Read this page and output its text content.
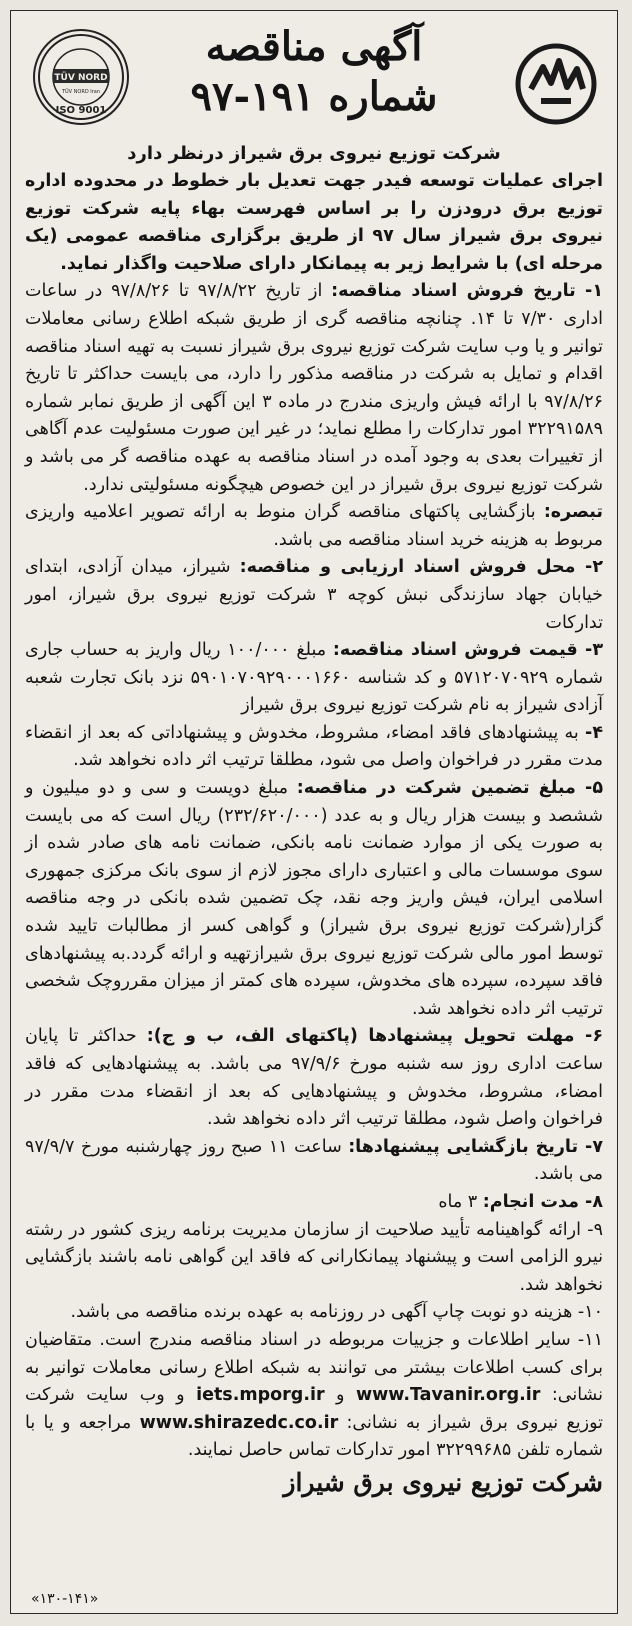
TÜV NORD
TÜV NORD Iran
ISO 9001
آگهی مناقصه
شماره ۱۹۱-۹۷
شرکت توزیع نیروی برق شیراز درنظر دارد

اجرای عملیات توسعه فیدر جهت تعدیل بار خطوط در محدوده اداره توزیع برق درودزن را بر اساس فهرست بهاء پایه شرکت توزیع نیروی برق شیراز سال ۹۷ از طریق برگزاری مناقصه عمومی (یک مرحله ای) با شرایط زیر به پیمانکار دارای صلاحیت واگذار نماید.

۱- تاریخ فروش اسناد مناقصه: از تاریخ ۹۷/۸/۲۲ تا ۹۷/۸/۲۶ در ساعات اداری ۷/۳۰ تا ۱۴. چنانچه مناقصه گری از طریق شبکه اطلاع رسانی معاملات توانیر و یا وب سایت شرکت توزیع نیروی برق شیراز نسبت به تهیه اسناد مناقصه اقدام و تمایل به شرکت در مناقصه مذکور را دارد، می بایست حداکثر تا تاریخ ۹۷/۸/۲۶ با ارائه فیش واریزی مندرج در ماده ۳ این آگهی از طریق نمابر شماره ۳۲۲۹۱۵۸۹ امور تدارکات را مطلع نماید؛ در غیر این صورت مسئولیت عدم آگاهی از تغییرات بعدی به وجود آمده در اسناد مناقصه به عهده مناقصه گر می باشد و شرکت توزیع نیروی برق شیراز در این خصوص هیچگونه مسئولیتی ندارد.

تبصره: بازگشایی پاکتهای مناقصه گران منوط به ارائه تصویر اعلامیه واریزی مربوط به هزینه خرید اسناد مناقصه می باشد.

۲- محل فروش اسناد ارزیابی و مناقصه: شیراز، میدان آزادی، ابتدای خیابان جهاد سازندگی نبش کوچه ۳ شرکت توزیع نیروی برق شیراز، امور تدارکات

۳- قیمت فروش اسناد مناقصه: مبلغ ۱۰۰/۰۰۰ ریال واریز به حساب جاری شماره ۵۷۱۲۰۷۰۹۲۹ و کد شناسه ۵۹۰۱۰۷۰۹۲۹۰۰۰۱۶۶۰ نزد بانک تجارت شعبه آزادی شیراز به نام شرکت توزیع نیروی برق شیراز

۴- به پیشنهادهای فاقد امضاء، مشروط، مخدوش و پیشنهاداتی که بعد از انقضاء مدت مقرر در فراخوان واصل می شود، مطلقا ترتیب اثر داده نخواهد شد.

۵- مبلغ تضمین شرکت در مناقصه: مبلغ دویست و سی و دو میلیون و ششصد و بیست هزار ریال و به عدد (۲۳۲/۶۲۰/۰۰۰) ریال است که می بایست به صورت یکی از موارد ضمانت نامه بانکی، ضمانت نامه های صادر شده از سوی موسسات مالی و اعتباری دارای مجوز لازم از سوی بانک مرکزی جمهوری اسلامی ایران، فیش واریز وجه نقد، چک تضمین شده بانکی در وجه مناقصه گزار(شرکت توزیع نیروی برق شیراز) و گواهی کسر از مطالبات تایید شده توسط امور مالی شرکت توزیع نیروی برق شیرازتهیه و ارائه گردد.به پیشنهادهای فاقد سپرده، سپرده های مخدوش، سپرده های کمتر از میزان مقرروچک شخصی ترتیب اثر داده نخواهد شد.

۶- مهلت تحویل پیشنهادها (پاکتهای الف، ب و ج): حداکثر تا پایان ساعت اداری روز سه شنبه مورخ ۹۷/۹/۶ می باشد. به پیشنهادهایی که فاقد امضاء، مشروط، مخدوش و پیشنهادهایی که بعد از انقضاء مدت مقرر در فراخوان واصل شود، مطلقا ترتیب اثر داده نخواهد شد.

۷- تاریخ بازگشایی پیشنهادها: ساعت ۱۱ صبح روز چهارشنبه مورخ ۹۷/۹/۷ می باشد.

۸- مدت انجام: ۳ ماه

۹- ارائه گواهینامه تأیید صلاحیت از سازمان مدیریت برنامه ریزی کشور در رشته نیرو الزامی است و پیشنهاد پیمانکارانی که فاقد این گواهی نامه باشند بازگشایی نخواهد شد.

۱۰- هزینه دو نوبت چاپ آگهی در روزنامه به عهده برنده مناقصه می باشد.

۱۱- سایر اطلاعات و جزییات مربوطه در اسناد مناقصه مندرج است. متقاضیان برای کسب اطلاعات بیشتر می توانند به شبکه اطلاع رسانی معاملات توانیر به نشانی: www.Tavanir.org.ir و iets.mporg.ir و وب سایت شرکت توزیع نیروی برق شیراز به نشانی: www.shirazedc.co.ir مراجعه و یا با شماره تلفن ۳۲۲۹۹۶۸۵ امور تدارکات تماس حاصل نمایند.

شرکت توزیع نیروی برق شیراز
«۱۳۰-۱۴۱»
